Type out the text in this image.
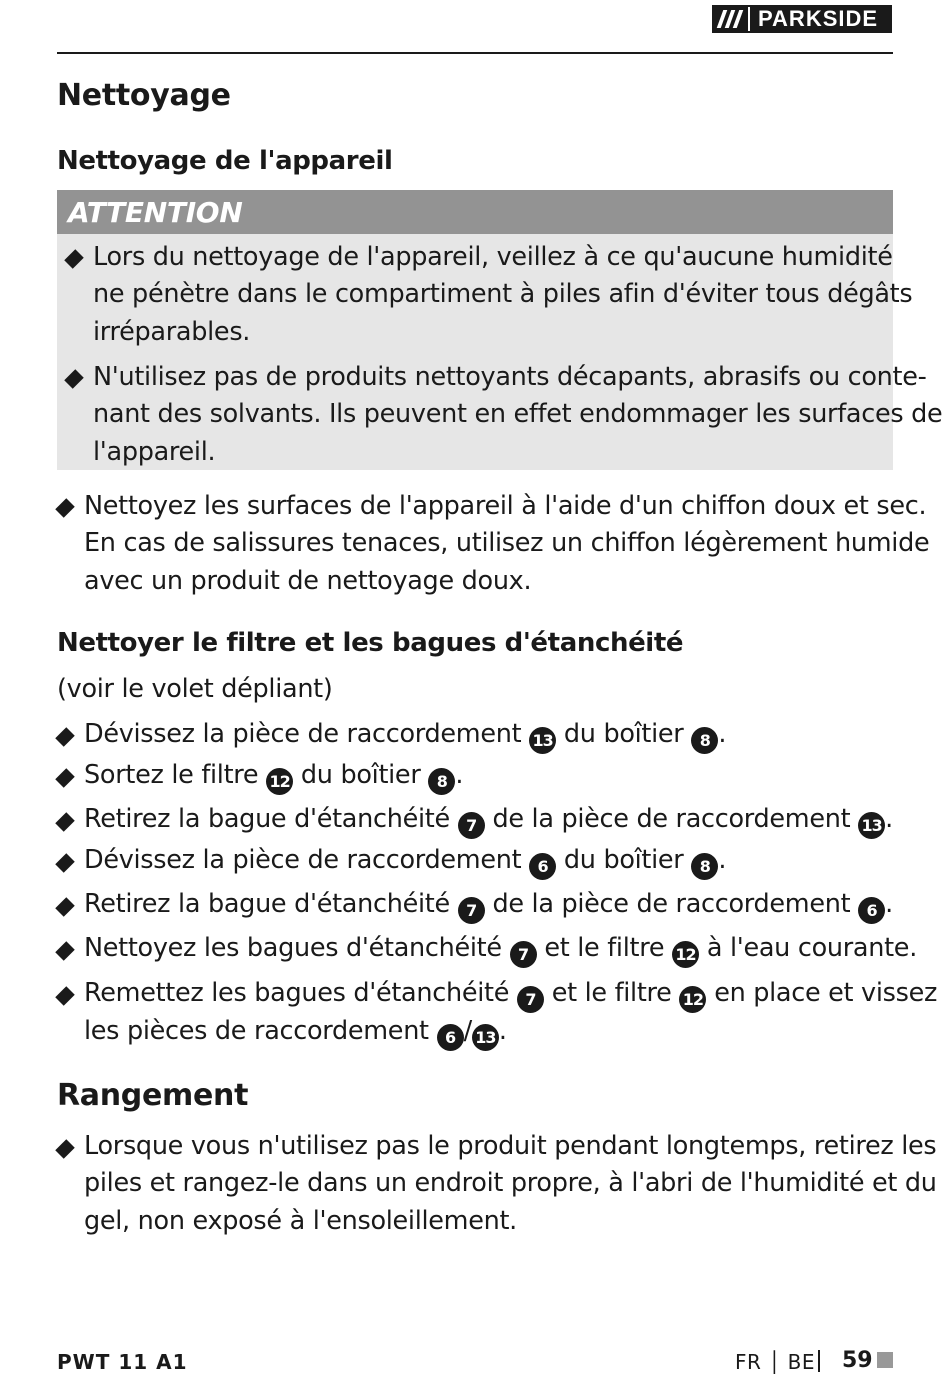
PARKSIDE
Nettoyage
Nettoyage de l'appareil
ATTENTION

Lors du nettoyage de l'appareil, veillez à ce qu'aucune humidité

ne pénètre dans le compartiment à piles afin d'éviter tous dégâts

irréparables.

N'utilisez pas de produits nettoyants décapants, abrasifs ou conte-

nant des solvants. Ils peuvent en effet endommager les surfaces de

l'appareil.

Nettoyez les surfaces de l'appareil à l'aide d'un chiffon doux et sec.

En cas de salissures tenaces, utilisez un chiffon légèrement humide

avec un produit de nettoyage doux.

Nettoyer le filtre et les bagues d'étanchéité

(voir le volet dépliant)

Dévissez la pièce de raccordement 13 du boîtier 8 .

Sortez le filtre 12 du boîtier 8 .

Retirez la bague d'étanchéité 7 de la pièce de raccordement 13 .

Dévissez la pièce de raccordement 6 du boîtier 8 .

Retirez la bague d'étanchéité 7 de la pièce de raccordement 6 .

Nettoyez les bagues d'étanchéité 7 et le filtre 12 à l'eau courante.

Remettez les bagues d'étanchéité 7 et le filtre 12 en place et vissez

les pièces de raccordement 6 / 13 .

Rangement

Lorsque vous n'utilisez pas le produit pendant longtemps, retirez les

piles et rangez-le dans un endroit propre, à l'abri de l'humidité et du

gel, non exposé à l'ensoleillement.

PWT 11 A1	FR │ BE 59
